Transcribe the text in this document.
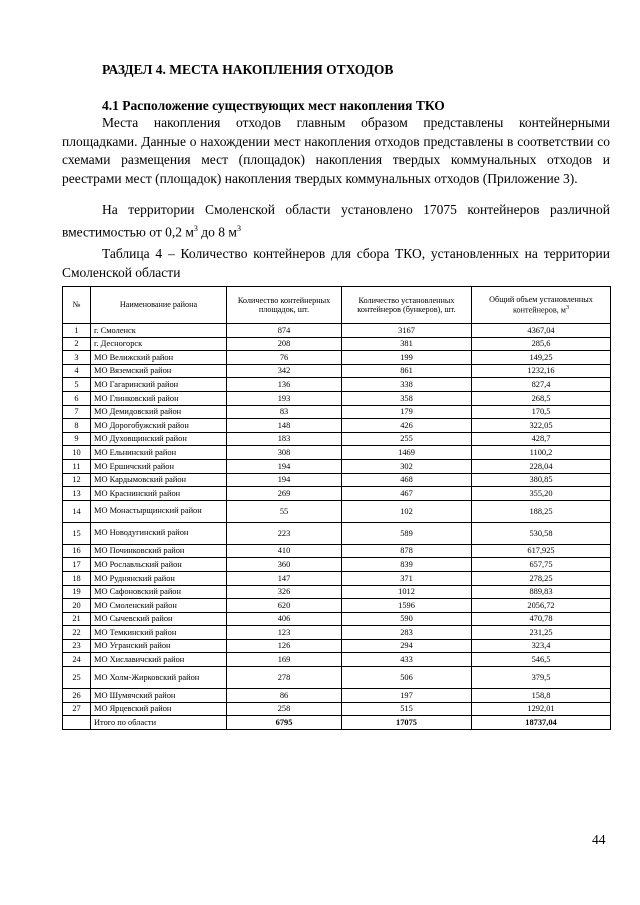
РАЗДЕЛ 4. МЕСТА НАКОПЛЕНИЯ ОТХОДОВ
4.1 Расположение существующих мест накопления ТКО

Места накопления отходов главным образом представлены контейнерными площадками. Данные о нахождении мест накопления отходов представлены в соответствии со схемами размещения мест (площадок) накопления твердых коммунальных отходов и реестрами мест (площадок) накопления твердых коммунальных отходов (Приложение 3).

На территории Смоленской области установлено 17075 контейнеров различной вместимостью от 0,2 $м^3$ до 8 $м^3$

Таблица 4 – Количество контейнеров для сбора ТКО, установленных на территории Смоленской области

№	Наименование района	Количество контейнерных площадок, шт.	Количество установленных контейнеров (бункеров), шт.	Общий объем установленных контейнеров, $м^3$
1	г. Смоленск	874	3167	4367,04
2	г. Десногорск	208	381	285,6
3	МО Велижский район	76	199	149,25
4	МО Вяземский район	342	861	1232,16
5	МО Гагаринский район	136	338	827,4
6	МО Глинковский район	193	358	268,5
7	МО Демидовский район	83	179	170,5
8	МО Дорогобужский район	148	426	322,05
9	МО Духовщинский район	183	255	428,7
10	МО Ельнинский район	308	1469	1100,2
11	МО Ершичский район	194	302	228,04
12	МО Кардымовский район	194	468	380,85
13	МО Краснинский район	269	467	355,20
14	МО Монастырщинский район	55	102	188,25
15	МО Новодугинский район	223	589	530,58
16	МО Починковский район	410	878	617,925
17	МО Рославльский район	360	839	657,75
18	МО Руднянский район	147	371	278,25
19	МО Сафоновский район	326	1012	889,83
20	МО Смоленский район	620	1596	2056,72
21	МО Сычевский район	406	590	470,78
22	МО Темкинский район	123	283	231,25
23	МО Угранский район	126	294	323,4
24	МО Хиславичский район	169	433	546,5
25	МО Холм-Жирковский район	278	506	379,5
26	МО Шумячский район	86	197	158,8
27	МО Ярцевский район	258	515	1292,01
	Итого по области	6795	17075	18737,04
44
